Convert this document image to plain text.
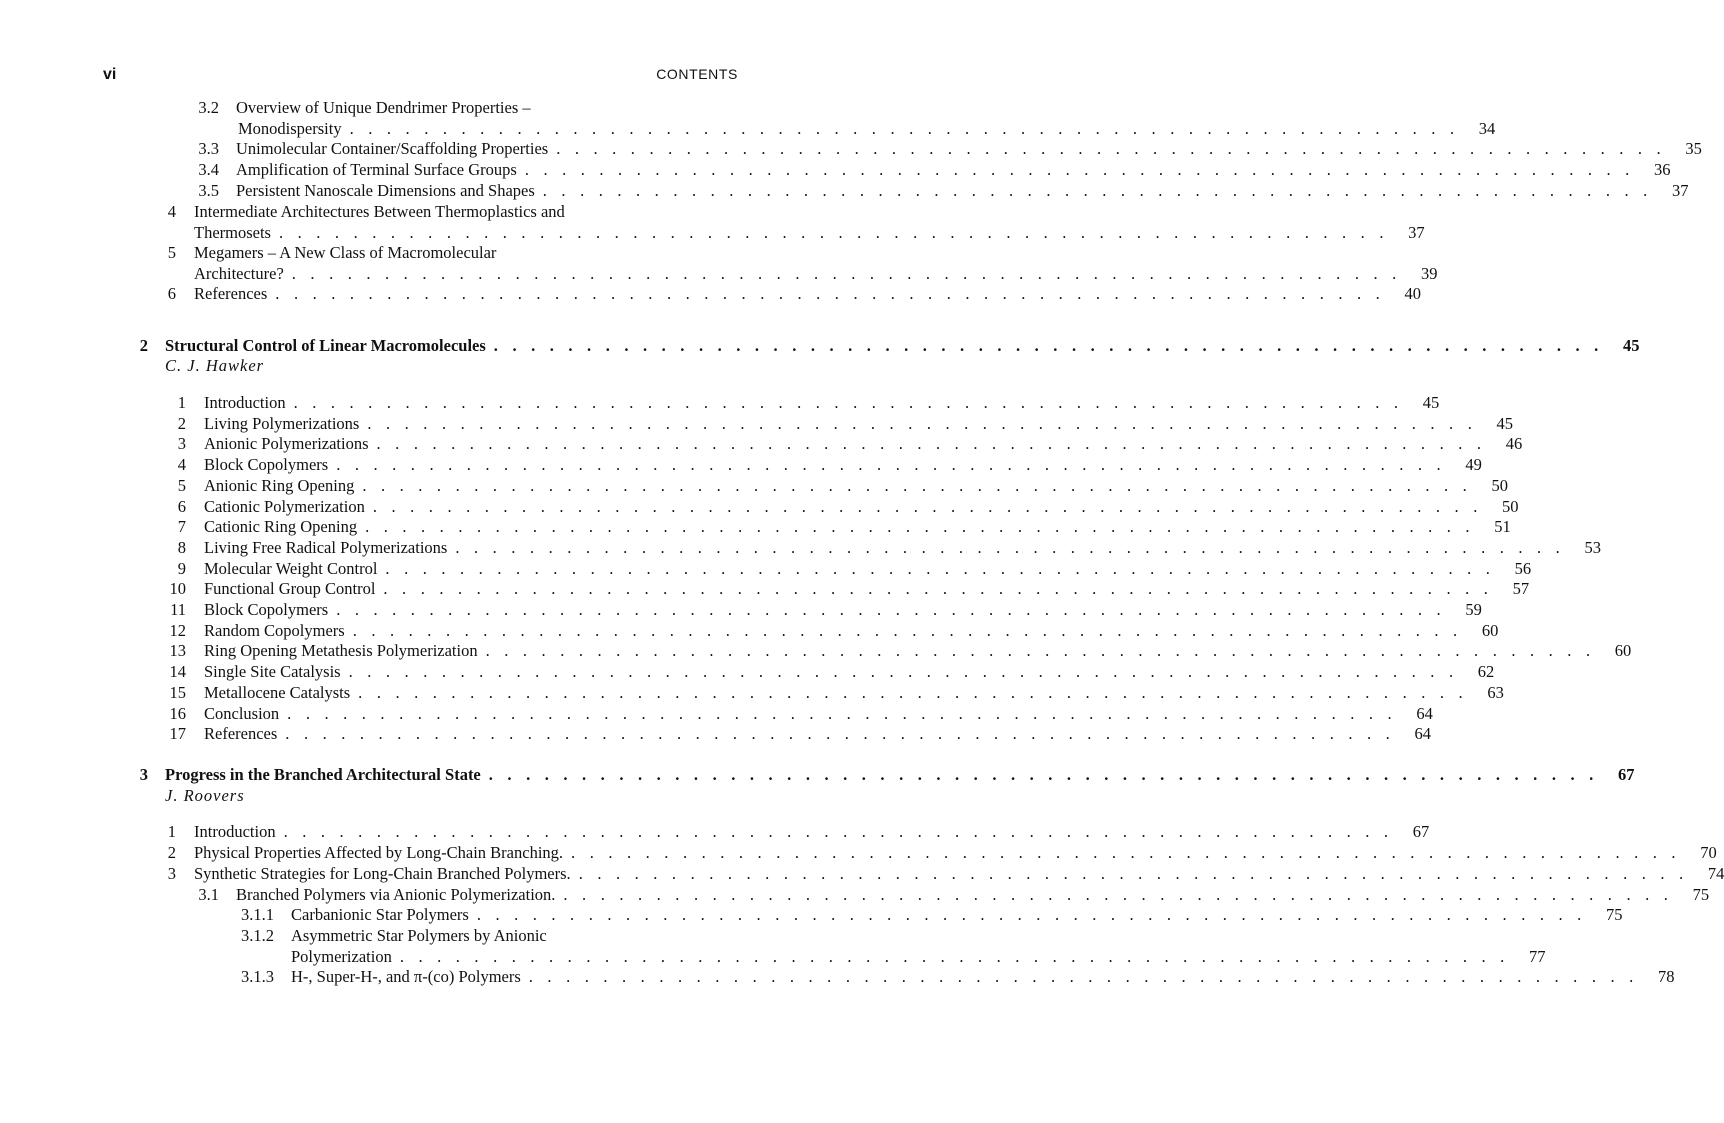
vi	CONTENTS
3.2 Overview of Unique Dendrimer Properties –
Monodispersity . . . . . . . . . . . . . . . . . . . . . . . . . . . . . . . . . . . . . . . . . . . . . . . . . . . . . . . . . . . .	34
3.3 Unimolecular Container/Scaffolding Properties . . . . . . . . . . . . . . . . . . . . . . . . . . . . . . . . . . . . . . . . . . . . . . . . . . . . . . . . . . . .	35
3.4 Amplification of Terminal Surface Groups . . . . . . . . . . . . . . . . . . . . . . . . . . . . . . . . . . . . . . . . . . . . . . . . . . . . . . . . . . . .	36
3.5 Persistent Nanoscale Dimensions and Shapes . . . . . . . . . . . . . . . . . . . . . . . . . . . . . . . . . . . . . . . . . . . . . . . . . . . . . . . . . . . .	37
4 Intermediate Architectures Between Thermoplastics and
Thermosets . . . . . . . . . . . . . . . . . . . . . . . . . . . . . . . . . . . . . . . . . . . . . . . . . . . . . . . . . . . .	37
5 Megamers – A New Class of Macromolecular
Architecture? . . . . . . . . . . . . . . . . . . . . . . . . . . . . . . . . . . . . . . . . . . . . . . . . . . . . . . . . . . . .	39
6 References . . . . . . . . . . . . . . . . . . . . . . . . . . . . . . . . . . . . . . . . . . . . . . . . . . . . . . . . . . . .	40
2 Structural Control of Linear Macromolecules . . . . . . . . . . . . . . . . . . . . . . . . . . . . . . . . . . . . . . . . . . . . . . . . . . . . . . . . . . . .	45
C. J. Hawker
1 Introduction . . . . . . . . . . . . . . . . . . . . . . . . . . . . . . . . . . . . . . . . . . . . . . . . . . . . . . . . . . . .	45
2 Living Polymerizations . . . . . . . . . . . . . . . . . . . . . . . . . . . . . . . . . . . . . . . . . . . . . . . . . . . . . . . . . . . .	45
3 Anionic Polymerizations . . . . . . . . . . . . . . . . . . . . . . . . . . . . . . . . . . . . . . . . . . . . . . . . . . . . . . . . . . . .	46
4 Block Copolymers . . . . . . . . . . . . . . . . . . . . . . . . . . . . . . . . . . . . . . . . . . . . . . . . . . . . . . . . . . . .	49
5 Anionic Ring Opening . . . . . . . . . . . . . . . . . . . . . . . . . . . . . . . . . . . . . . . . . . . . . . . . . . . . . . . . . . . .	50
6 Cationic Polymerization . . . . . . . . . . . . . . . . . . . . . . . . . . . . . . . . . . . . . . . . . . . . . . . . . . . . . . . . . . . .	50
7 Cationic Ring Opening . . . . . . . . . . . . . . . . . . . . . . . . . . . . . . . . . . . . . . . . . . . . . . . . . . . . . . . . . . . .	51
8 Living Free Radical Polymerizations . . . . . . . . . . . . . . . . . . . . . . . . . . . . . . . . . . . . . . . . . . . . . . . . . . . . . . . . . . . .	53
9 Molecular Weight Control . . . . . . . . . . . . . . . . . . . . . . . . . . . . . . . . . . . . . . . . . . . . . . . . . . . . . . . . . . . .	56
10 Functional Group Control . . . . . . . . . . . . . . . . . . . . . . . . . . . . . . . . . . . . . . . . . . . . . . . . . . . . . . . . . . . .	57
11 Block Copolymers . . . . . . . . . . . . . . . . . . . . . . . . . . . . . . . . . . . . . . . . . . . . . . . . . . . . . . . . . . . .	59
12 Random Copolymers . . . . . . . . . . . . . . . . . . . . . . . . . . . . . . . . . . . . . . . . . . . . . . . . . . . . . . . . . . . .	60
13 Ring Opening Metathesis Polymerization . . . . . . . . . . . . . . . . . . . . . . . . . . . . . . . . . . . . . . . . . . . . . . . . . . . . . . . . . . . .	60
14 Single Site Catalysis . . . . . . . . . . . . . . . . . . . . . . . . . . . . . . . . . . . . . . . . . . . . . . . . . . . . . . . . . . . .	62
15 Metallocene Catalysts . . . . . . . . . . . . . . . . . . . . . . . . . . . . . . . . . . . . . . . . . . . . . . . . . . . . . . . . . . . .	63
16 Conclusion . . . . . . . . . . . . . . . . . . . . . . . . . . . . . . . . . . . . . . . . . . . . . . . . . . . . . . . . . . . .	64
17 References . . . . . . . . . . . . . . . . . . . . . . . . . . . . . . . . . . . . . . . . . . . . . . . . . . . . . . . . . . . .	64
3 Progress in the Branched Architectural State . . . . . . . . . . . . . . . . . . . . . . . . . . . . . . . . . . . . . . . . . . . . . . . . . . . . . . . . . . . .	67
J. Roovers
1 Introduction . . . . . . . . . . . . . . . . . . . . . . . . . . . . . . . . . . . . . . . . . . . . . . . . . . . . . . . . . . . .	67
2 Physical Properties Affected by Long-Chain Branching. . . . . . . . . . . . . . . . . . . . . . . . . . . . . . . . . . . . . . . . . . . . . . . . . . . . . . . . . . . . .	70
3 Synthetic Strategies for Long-Chain Branched Polymers. . . . . . . . . . . . . . . . . . . . . . . . . . . . . . . . . . . . . . . . . . . . . . . . . . . . . . . . . . . . .	74
3.1 Branched Polymers via Anionic Polymerization. . . . . . . . . . . . . . . . . . . . . . . . . . . . . . . . . . . . . . . . . . . . . . . . . . . . . . . . . . . . .	75
3.1.1 Carbanionic Star Polymers . . . . . . . . . . . . . . . . . . . . . . . . . . . . . . . . . . . . . . . . . . . . . . . . . . . . . . . . . . . .	75
3.1.2 Asymmetric Star Polymers by Anionic
Polymerization . . . . . . . . . . . . . . . . . . . . . . . . . . . . . . . . . . . . . . . . . . . . . . . . . . . . . . . . . . . .	77
3.1.3 H-, Super-H-, and π-(co) Polymers . . . . . . . . . . . . . . . . . . . . . . . . . . . . . . . . . . . . . . . . . . . . . . . . . . . . . . . . . . . .	78
